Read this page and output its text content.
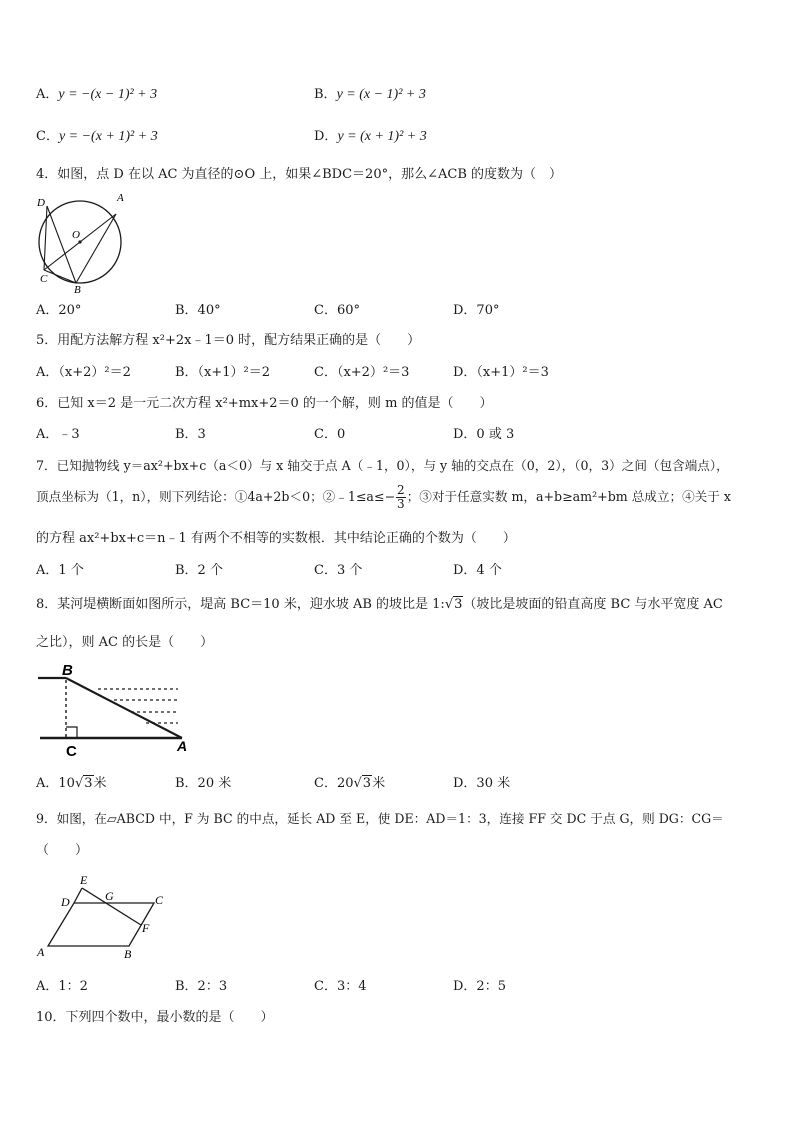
A．y = −(x − 1)² + 3	B．y = (x − 1)² + 3
C．y = −(x + 1)² + 3	D．y = (x + 1)² + 3
4．如图，点 D 在以 AC 为直径的⊙O 上，如果∠BDC＝20°，那么∠ACB 的度数为（　）
D	A
O
C
B
A．20°	B．40°	C．60°	D．70°
5．用配方法解方程 x²+2x﹣1＝0 时，配方结果正确的是（　　）
A．（x+2）²＝2	B．（x+1）²＝2	C．（x+2）²＝3	D．（x+1）²＝3
6．已知 x＝2 是一元二次方程 x²+mx+2＝0 的一个解，则 m 的值是（　　）
A．﹣3	B．3	C．0	D．0 或 3
7．已知抛物线 y＝ax²+bx+c（a＜0）与 x 轴交于点 A（﹣1，0），与 y 轴的交点在（0，2），（0，3）之间（包含端点），
顶点坐标为（1，n），则下列结论：①4a+2b＜0；②﹣1≤a≤− $\frac{2}{3}$ ；③对于任意实数 m，a+b≥am²+bm 总成立；④关于 x
的方程 ax²+bx+c＝n﹣1 有两个不相等的实数根．其中结论正确的个数为（　　）
A．1 个	B．2 个	C．3 个	D．4 个
8．某河堤横断面如图所示，堤高 BC＝10 米，迎水坡 AB 的坡比是 1:√3（坡比是坡面的铅直高度 BC 与水平宽度 AC
之比），则 AC 的长是（　　）
B
C	A
A．10√3米	B．20 米	C．20√3米	D．30 米
9．如图，在▱ABCD 中，F 为 BC 的中点，延长 AD 至 E，使 DE：AD＝1：3，连接 FF 交 DC 于点 G，则 DG：CG＝
（　　）
E
D	G	C
F
A	B
A．1：2	B．2：3	C．3：4	D．2：5
10．下列四个数中，最小数的是（　　）
